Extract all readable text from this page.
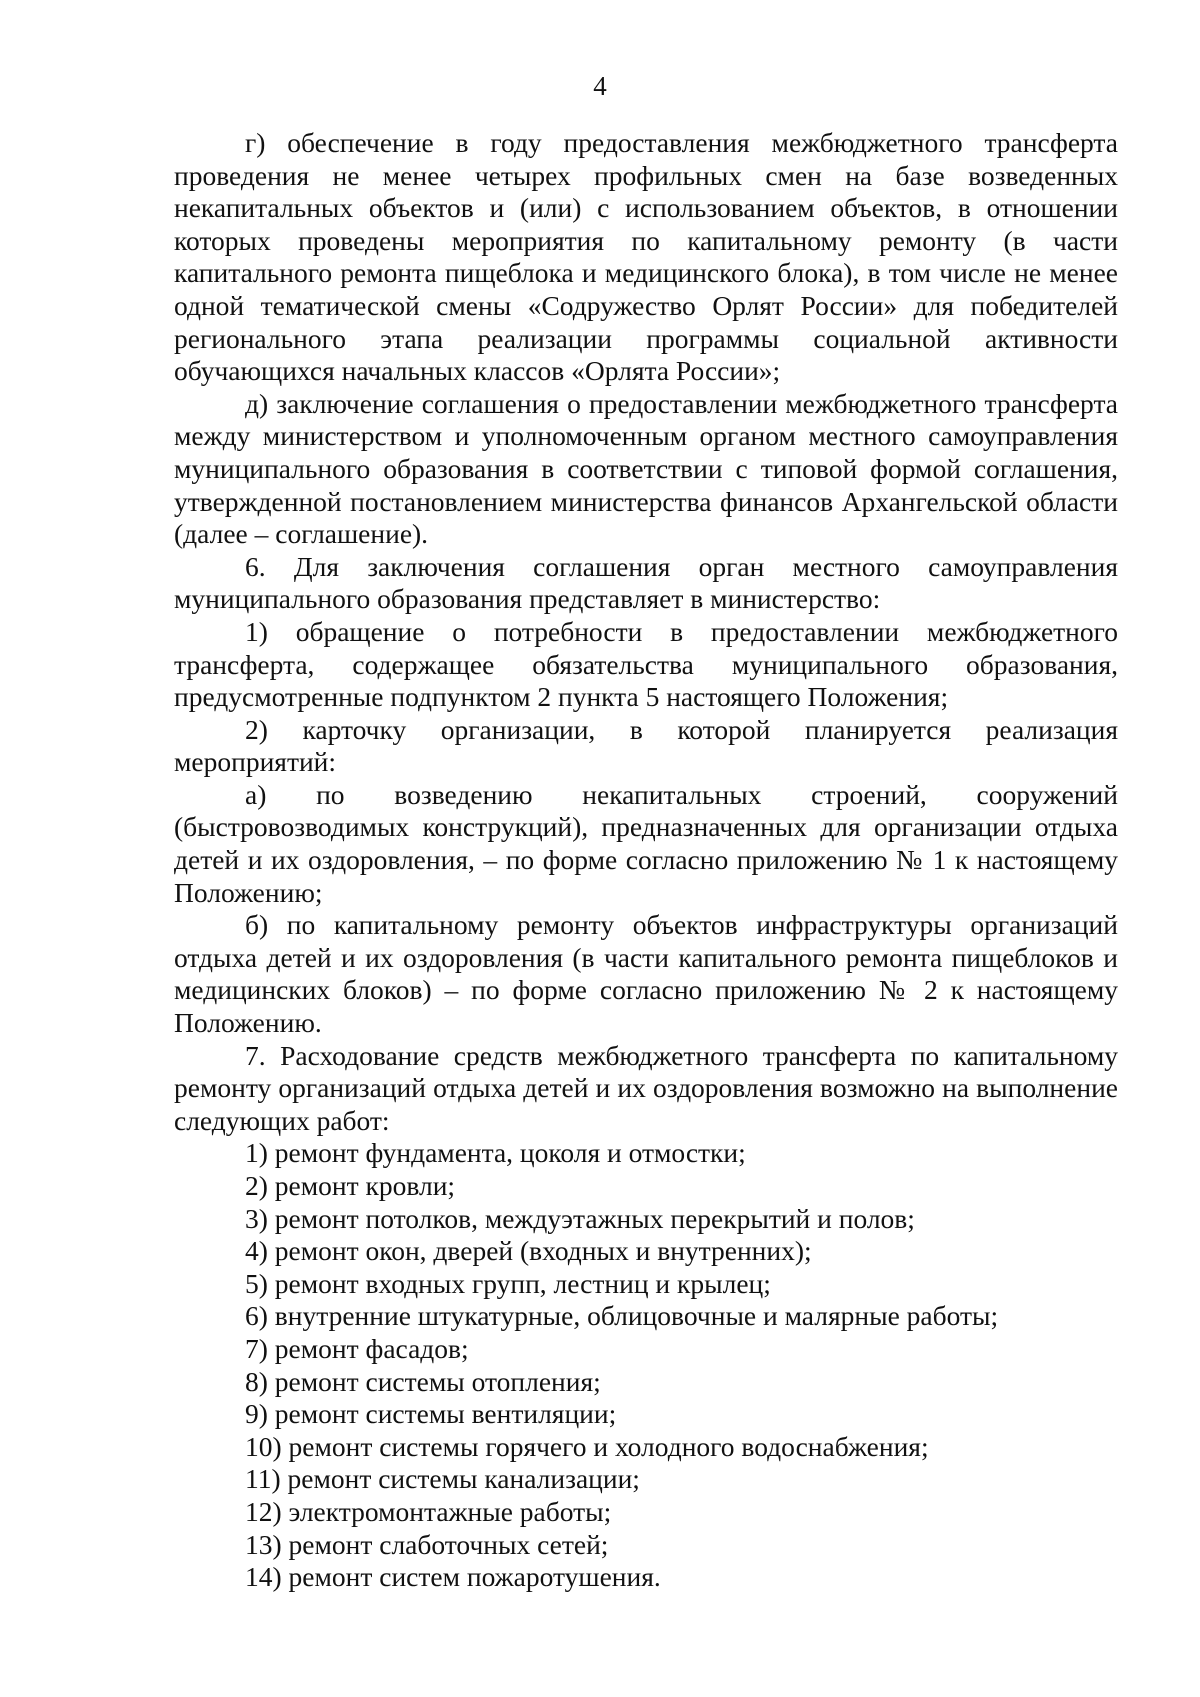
4

г) обеспечение в году предоставления межбюджетного трансферта проведения не менее четырех профильных смен на базе возведенных некапитальных объектов и (или) с использованием объектов, в отношении которых проведены мероприятия по капитальному ремонту (в части капитального ремонта пищеблока и медицинского блока), в том числе не менее одной тематической смены «Содружество Орлят России» для победителей регионального этапа реализации программы социальной активности обучающихся начальных классов «Орлята России»;

д) заключение соглашения о предоставлении межбюджетного трансферта между министерством и уполномоченным органом местного самоуправления муниципального образования в соответствии с типовой формой соглашения, утвержденной постановлением министерства финансов Архангельской области (далее – соглашение).

6. Для заключения соглашения орган местного самоуправления муниципального образования представляет в министерство:

1) обращение о потребности в предоставлении межбюджетного трансферта, содержащее обязательства муниципального образования, предусмотренные подпунктом 2 пункта 5 настоящего Положения;

2) карточку организации, в которой планируется реализация мероприятий:

а) по возведению некапитальных строений, сооружений (быстровозводимых конструкций), предназначенных для организации отдыха детей и их оздоровления, – по форме согласно приложению № 1 к настоящему Положению;

б) по капитальному ремонту объектов инфраструктуры организаций отдыха детей и их оздоровления (в части капитального ремонта пищеблоков и медицинских блоков) – по форме согласно приложению № 2 к настоящему Положению.

7. Расходование средств межбюджетного трансферта по капитальному ремонту организаций отдыха детей и их оздоровления возможно на выполнение следующих работ:

1) ремонт фундамента, цоколя и отмостки;

2) ремонт кровли;

3) ремонт потолков, междуэтажных перекрытий и полов;

4) ремонт окон, дверей (входных и внутренних);

5) ремонт входных групп, лестниц и крылец;

6) внутренние штукатурные, облицовочные и малярные работы;

7) ремонт фасадов;

8) ремонт системы отопления;

9) ремонт системы вентиляции;

10) ремонт системы горячего и холодного водоснабжения;

11) ремонт системы канализации;

12) электромонтажные работы;

13) ремонт слаботочных сетей;

14) ремонт систем пожаротушения.
